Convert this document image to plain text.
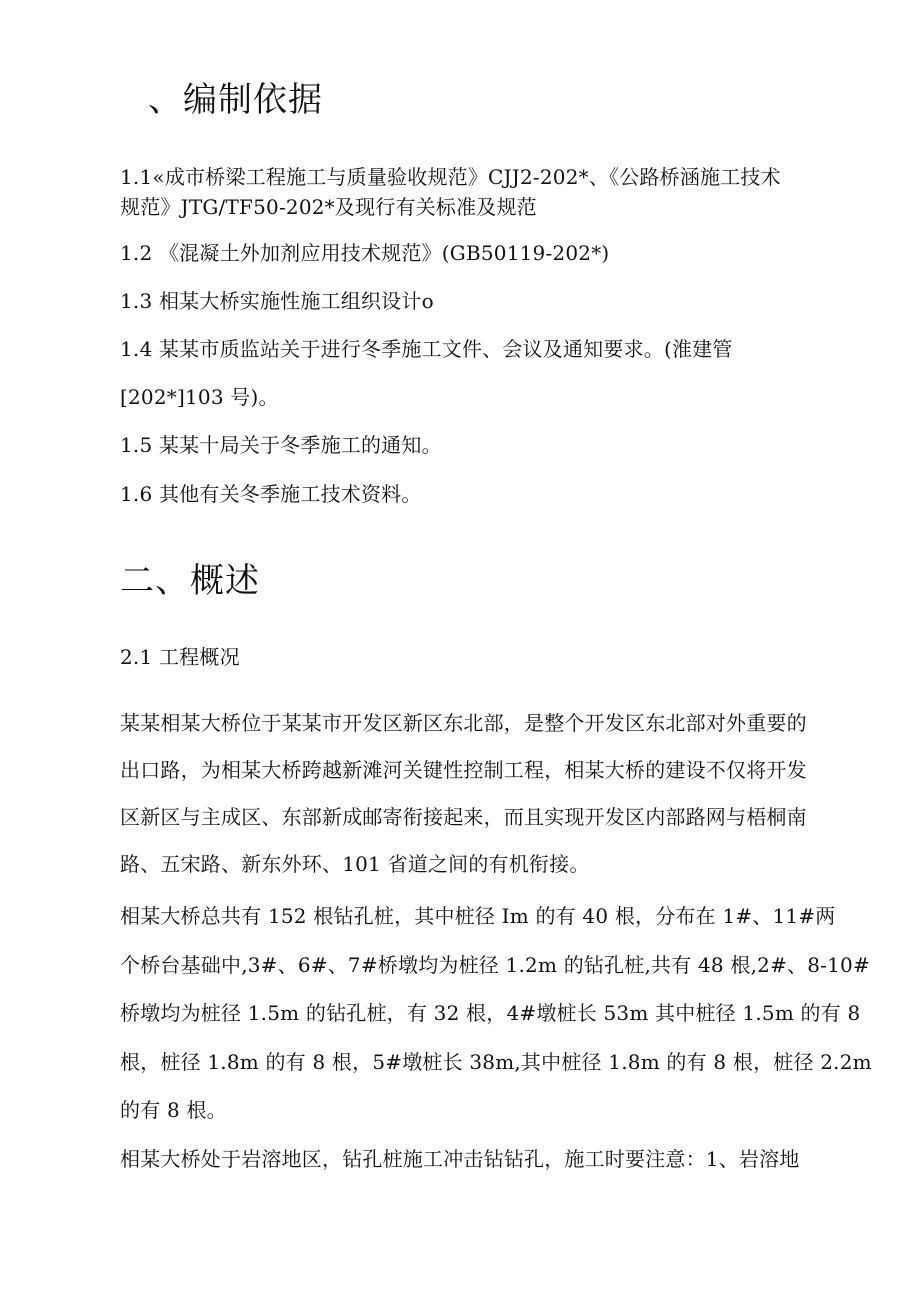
、编制依据

1.1«成市桥梁工程施工与质量验收规范》CJJ2-202*、《公路桥涵施工技术

规范》JTG/TF50-202*及现行有关标准及规范

1.2 《混凝土外加剂应用技术规范》(GB50119-202*)

1.3 相某大桥实施性施工组织设计o

1.4 某某市质监站关于进行冬季施工文件、会议及通知要求。(淮建管

[202*]103 号)。

1.5 某某十局关于冬季施工的通知。

1.6 其他有关冬季施工技术资料。

二、概述

2.1 工程概况

某某相某大桥位于某某市开发区新区东北部，是整个开发区东北部对外重要的

出口路，为相某大桥跨越新滩河关键性控制工程，相某大桥的建设不仅将开发

区新区与主成区、东部新成邮寄衔接起来，而且实现开发区内部路网与梧桐南

路、五宋路、新东外环、101 省道之间的有机衔接。

相某大桥总共有 152 根钻孔桩，其中桩径 Im 的有 40 根，分布在 1#、11#两

个桥台基础中,3#、6#、7#桥墩均为桩径 1.2m 的钻孔桩,共有 48 根,2#、8-10#

桥墩均为桩径 1.5m 的钻孔桩，有 32 根，4#墩桩长 53m 其中桩径 1.5m 的有 8

根，桩径 1.8m 的有 8 根，5#墩桩长 38m,其中桩径 1.8m 的有 8 根，桩径 2.2m

的有 8 根。

相某大桥处于岩溶地区，钻孔桩施工冲击钻钻孔，施工时要注意：1、岩溶地
